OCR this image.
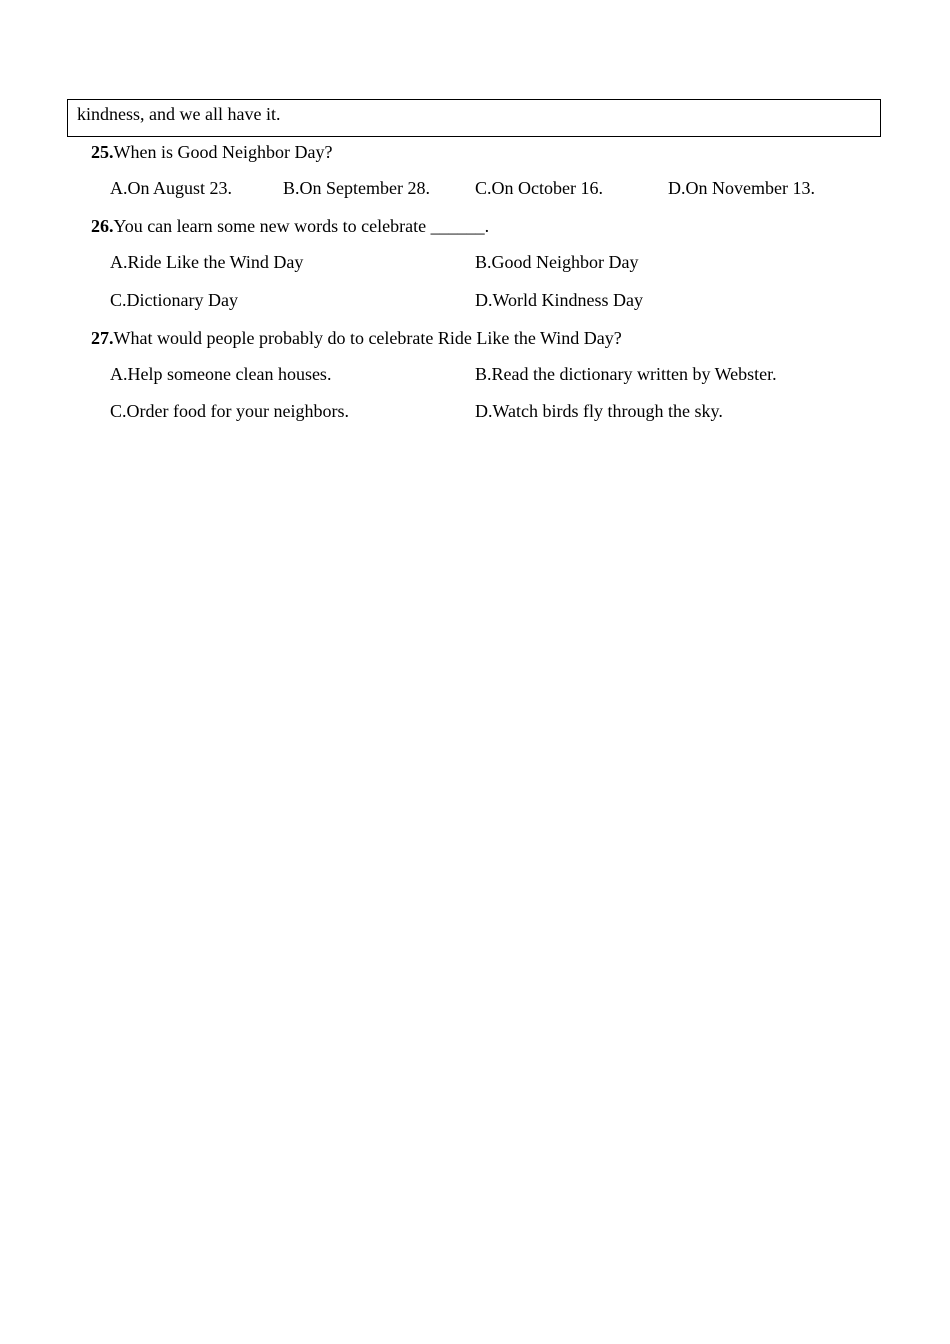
kindness, and we all have it.
25.When is Good Neighbor Day?
A.On August 23.	B.On September 28.	C.On October 16.	D.On November 13.
26.You can learn some new words to celebrate ______.
A.Ride Like the Wind Day	B.Good Neighbor Day
C.Dictionary Day	D.World Kindness Day
27.What would people probably do to celebrate Ride Like the Wind Day?
A.Help someone clean houses.	B.Read the dictionary written by Webster.
C.Order food for your neighbors.	D.Watch birds fly through the sky.
